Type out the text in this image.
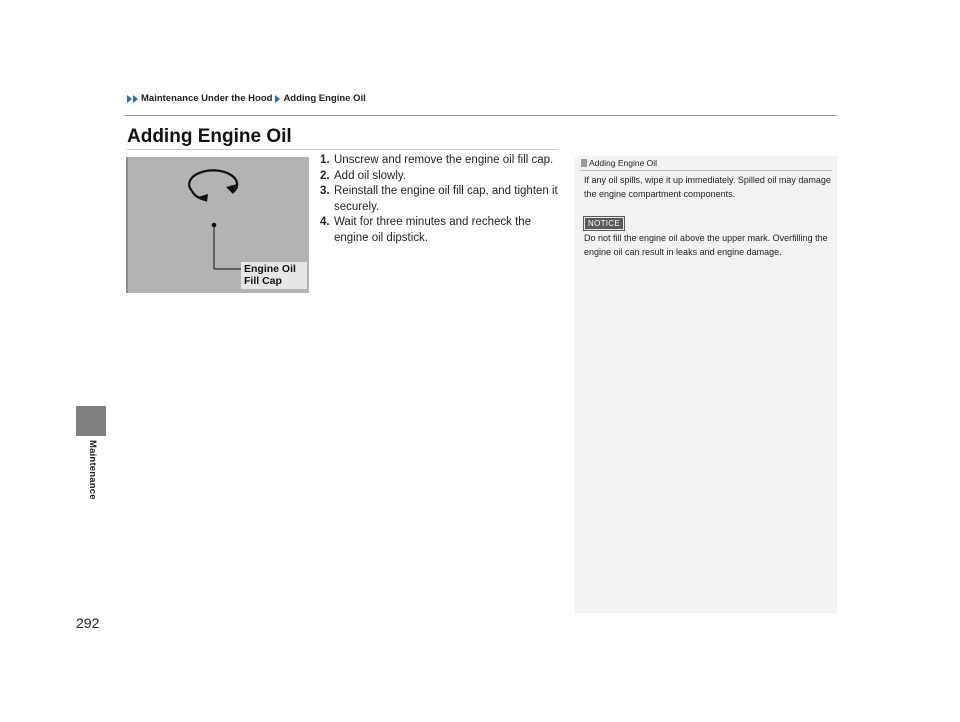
Maintenance Under the Hood Adding Engine Oil
Adding Engine Oil
Maintenance
Engine Oil
Fill Cap
1. Unscrew and remove the engine oil fill cap.
2. Add oil slowly.
3. Reinstall the engine oil fill cap, and tighten it securely.
4. Wait for three minutes and recheck the engine oil dipstick.
Adding Engine Oil

If any oil spills, wipe it up immediately. Spilled oil may damage the engine compartment components.

NOTICE

Do not fill the engine oil above the upper mark. Overfilling the engine oil can result in leaks and engine damage.

292
